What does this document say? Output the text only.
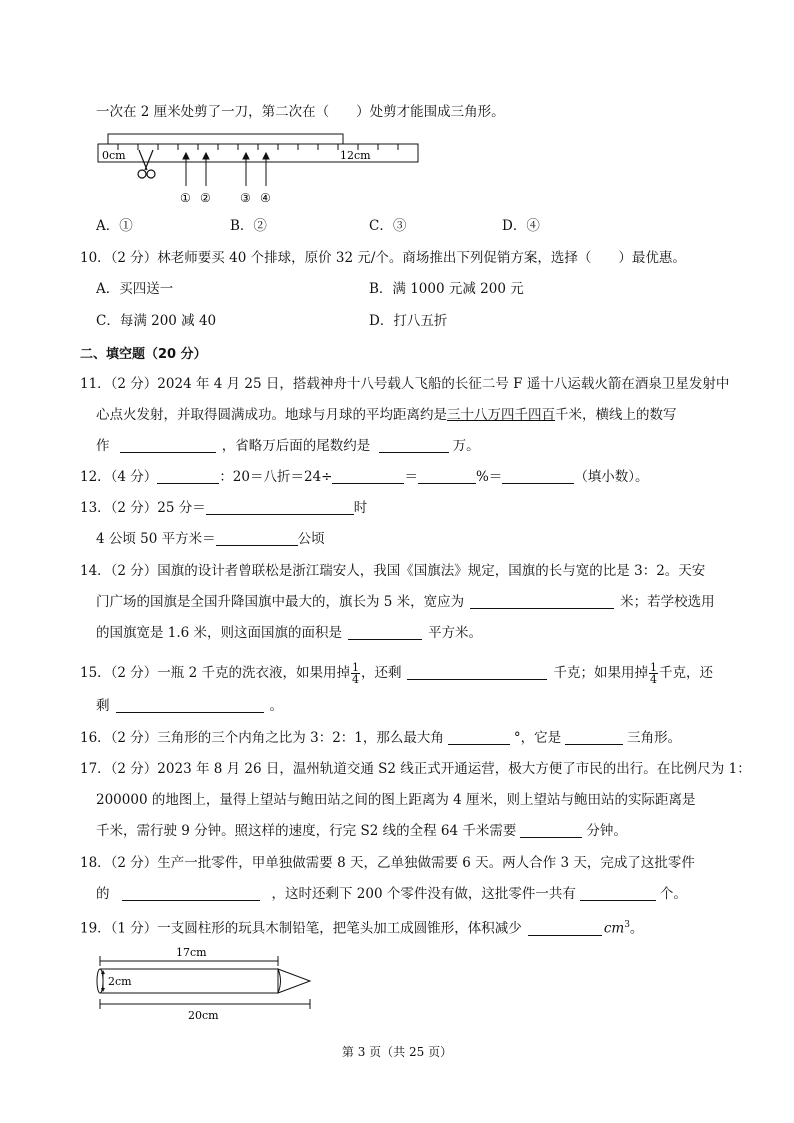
一次在 2 厘米处剪了一刀，第二次在（　　）处剪才能围成三角形。
0cm	12cm
① ② ③ ④
A．①	B．②	C．③	D．④
10．（2 分）林老师要买 40 个排球，原价 32 元/个。商场推出下列促销方案，选择（　　）最优惠。
A．买四送一	B．满 1000 元减 200 元
C．每满 200 减 40	D．打八五折
二、填空题（20 分）
11．（2 分）2024 年 4 月 25 日，搭载神舟十八号载人飞船的长征二号 F 遥十八运载火箭在酒泉卫星发射中
心点火发射，并取得圆满成功。地球与月球的平均距离约是三十八万四千四百千米，横线上的数写
作	，省略万后面的尾数约是	万。
12．（4 分）	：20＝八折＝24÷	＝	%＝	（填小数）。
13．（2 分）25 分＝	时
4 公顷 50 平方米＝	公顷
14．（2 分）国旗的设计者曾联松是浙江瑞安人，我国《国旗法》规定，国旗的长与宽的比是 3：2。天安
门广场的国旗是全国升降国旗中最大的，旗长为 5 米，宽应为	米；若学校选用
的国旗宽是 1.6 米，则这面国旗的面积是	平方米。
15．（2 分）一瓶 2 千克的洗衣液，如果用掉 $\frac{1}{4}$ ，还剩	千克；如果用掉 $\frac{1}{4}$ 千克，还
剩	。
16．（2 分）三角形的三个内角之比为 3：2：1，那么最大角	°，它是	三角形。
17．（2 分）2023 年 8 月 26 日，温州轨道交通 S2 线正式开通运营，极大方便了市民的出行。在比例尺为 1：
200000 的地图上，量得上望站与鲍田站之间的图上距离为 4 厘米，则上望站与鲍田站的实际距离是
千米，需行驶 9 分钟。照这样的速度，行完 S2 线的全程 64 千米需要	分钟。
18．（2 分）生产一批零件，甲单独做需要 8 天，乙单独做需要 6 天。两人合作 3 天，完成了这批零件
的	，这时还剩下 200 个零件没有做，这批零件一共有	个。
19．（1 分）一支圆柱形的玩具木制铅笔，把笔头加工成圆锥形，体积减少	$cm^3$。
17cm
2cm
20cm
第 3 页（共 25 页）
